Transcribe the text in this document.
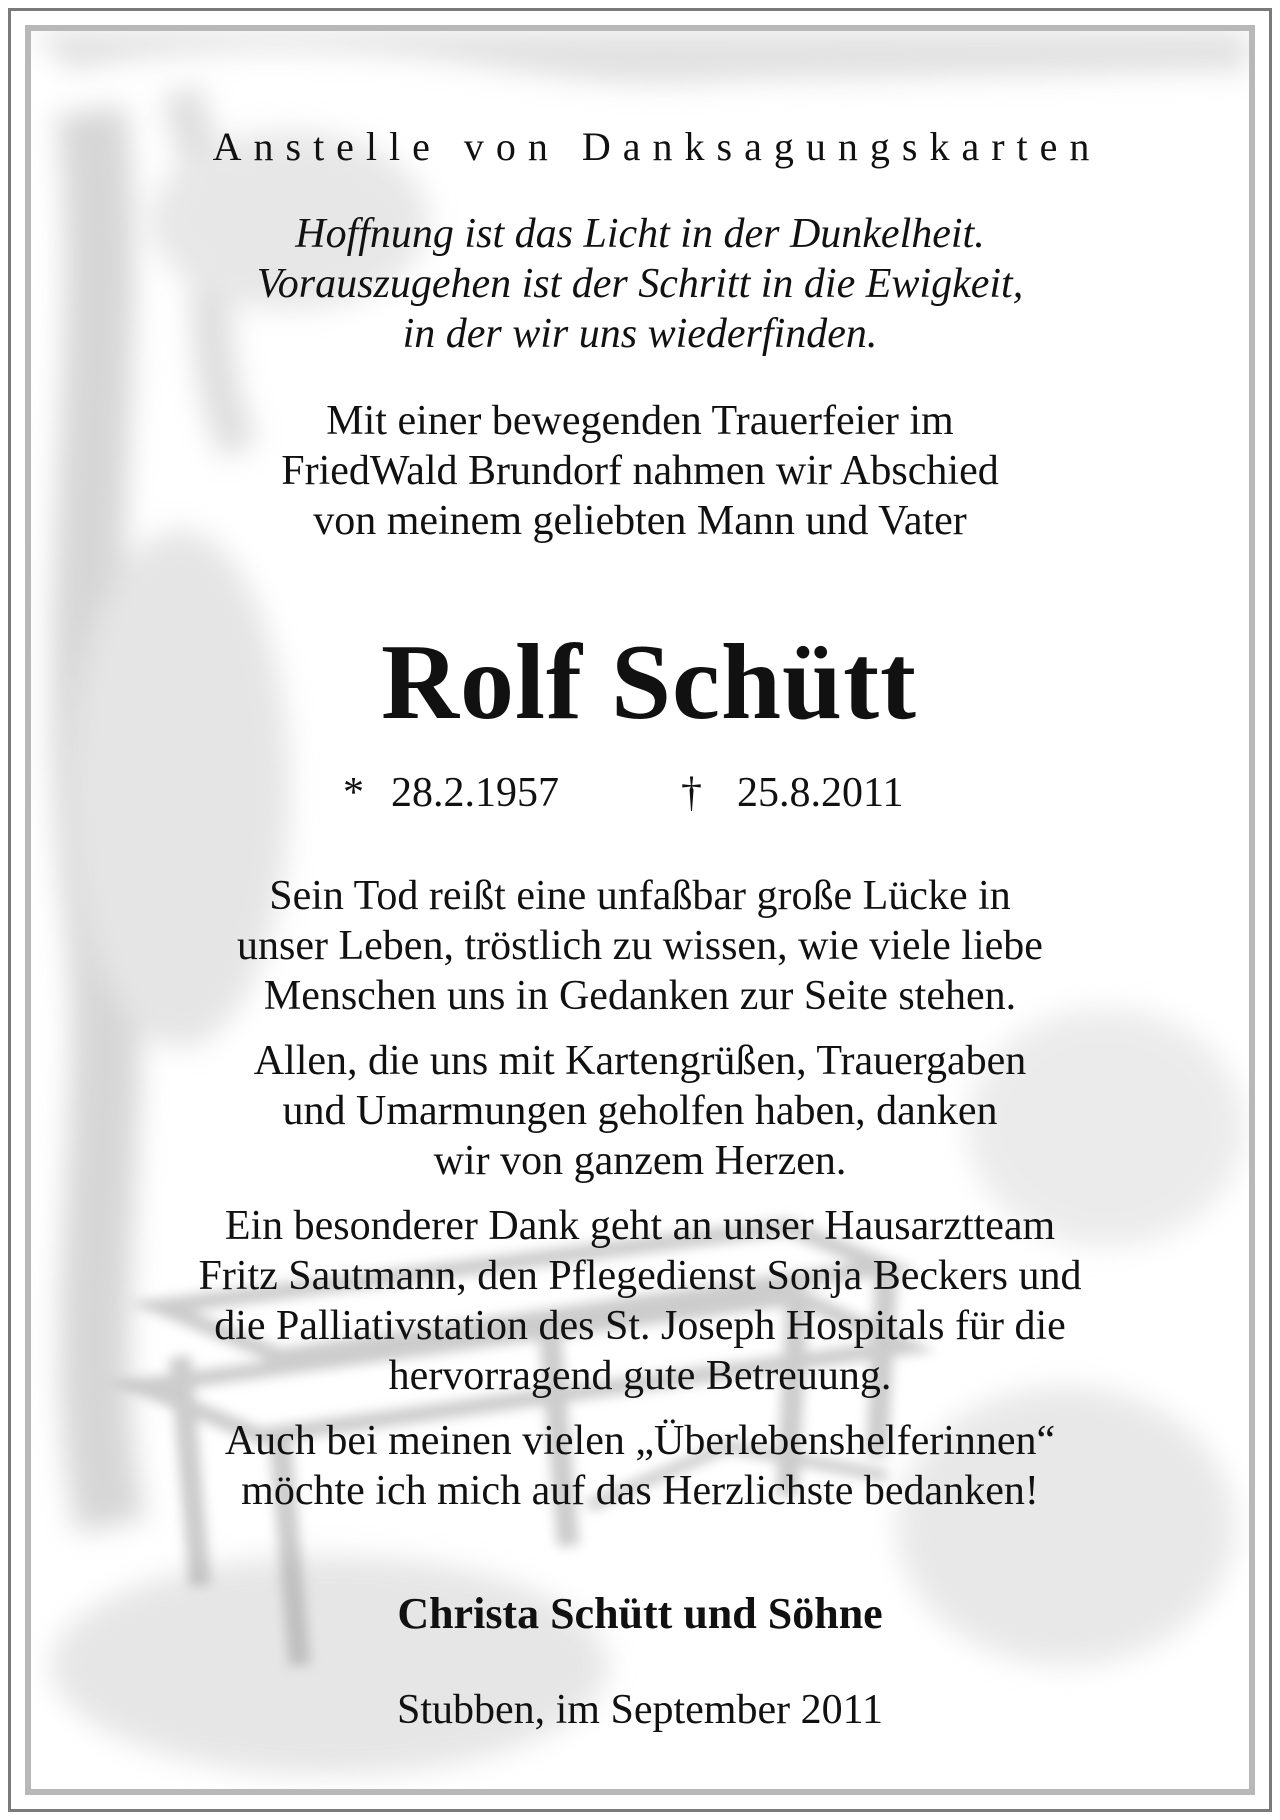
Anstelle von Danksagungskarten
Hoffnung ist das Licht in der Dunkelheit.
Vorauszugehen ist der Schritt in die Ewigkeit,
in der wir uns wiederfinden.
Mit einer bewegenden Trauerfeier im
FriedWald Brundorf nahmen wir Abschied
von meinem geliebten Mann und Vater
Rolf Schütt
* 28.2.1957	† 25.8.2011
Sein Tod reißt eine unfaßbar große Lücke in
unser Leben, tröstlich zu wissen, wie viele liebe
Menschen uns in Gedanken zur Seite stehen.
Allen, die uns mit Kartengrüßen, Trauergaben
und Umarmungen geholfen haben, danken
wir von ganzem Herzen.
Ein besonderer Dank geht an unser Hausarztteam
Fritz Sautmann, den Pflegedienst Sonja Beckers und
die Palliativstation des St. Joseph Hospitals für die
hervorragend gute Betreuung.
Auch bei meinen vielen „Überlebenshelferinnen“
möchte ich mich auf das Herzlichste bedanken!
Christa Schütt und Söhne
Stubben, im September 2011
